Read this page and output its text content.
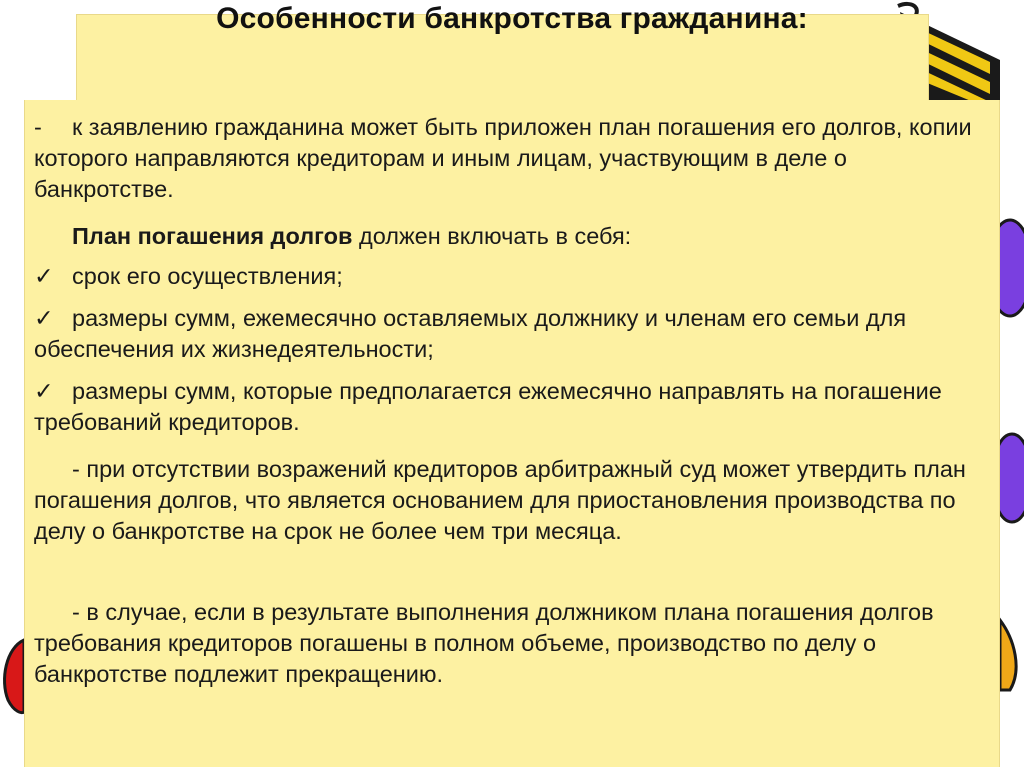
Особенности банкротства гражданина:

- к заявлению гражданина может быть приложен план погашения его долгов, копии которого направляются кредиторам и иным лицам, участвующим в деле о банкротстве.

План погашения долгов должен включать в себя:

✓ срок его осуществления;

✓ размеры сумм, ежемесячно оставляемых должнику и членам его семьи для обеспечения их жизнедеятельности;

✓ размеры сумм, которые предполагается ежемесячно направлять на погашение требований кредиторов.

- при отсутствии возражений кредиторов арбитражный суд может утвердить план погашения долгов, что является основанием для приостановления производства по делу о банкротстве на срок не более чем три месяца.

- в случае, если в результате выполнения должником плана погашения долгов требования кредиторов погашены в полном объеме, производство по делу о банкротстве подлежит прекращению.
